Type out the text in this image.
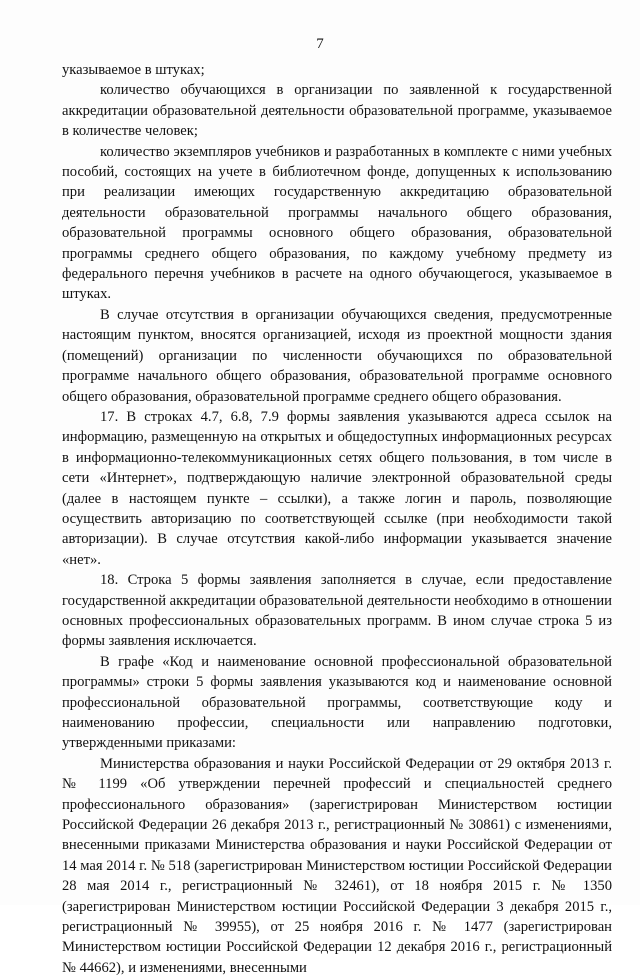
7

указываемое в штуках;

количество обучающихся в организации по заявленной к государственной аккредитации образовательной деятельности образовательной программе, указываемое в количестве человек;

количество экземпляров учебников и разработанных в комплекте с ними учебных пособий, состоящих на учете в библиотечном фонде, допущенных к использованию при реализации имеющих государственную аккредитацию образовательной деятельности образовательной программы начального общего образования, образовательной программы основного общего образования, образовательной программы среднего общего образования, по каждому учебному предмету из федерального перечня учебников в расчете на одного обучающегося, указываемое в штуках.

В случае отсутствия в организации обучающихся сведения, предусмотренные настоящим пунктом, вносятся организацией, исходя из проектной мощности здания (помещений) организации по численности обучающихся по образовательной программе начального общего образования, образовательной программе основного общего образования, образовательной программе среднего общего образования.

17. В строках 4.7, 6.8, 7.9 формы заявления указываются адреса ссылок на информацию, размещенную на открытых и общедоступных информационных ресурсах в информационно-телекоммуникационных сетях общего пользования, в том числе в сети «Интернет», подтверждающую наличие электронной образовательной среды (далее в настоящем пункте – ссылки), а также логин и пароль, позволяющие осуществить авторизацию по соответствующей ссылке (при необходимости такой авторизации). В случае отсутствия какой-либо информации указывается значение «нет».

18. Строка 5 формы заявления заполняется в случае, если предоставление государственной аккредитации образовательной деятельности необходимо в отношении основных профессиональных образовательных программ. В ином случае строка 5 из формы заявления исключается.

В графе «Код и наименование основной профессиональной образовательной программы» строки 5 формы заявления указываются код и наименование основной профессиональной образовательной программы, соответствующие коду и наименованию профессии, специальности или направлению подготовки, утвержденными приказами:

Министерства образования и науки Российской Федерации от 29 октября 2013 г. № 1199 «Об утверждении перечней профессий и специальностей среднего профессионального образования» (зарегистрирован Министерством юстиции Российской Федерации 26 декабря 2013 г., регистрационный № 30861) с изменениями, внесенными приказами Министерства образования и науки Российской Федерации от 14 мая 2014 г. № 518 (зарегистрирован Министерством юстиции Российской Федерации 28 мая 2014 г., регистрационный № 32461), от 18 ноября 2015 г. № 1350 (зарегистрирован Министерством юстиции Российской Федерации 3 декабря 2015 г., регистрационный № 39955), от 25 ноября 2016 г. № 1477 (зарегистрирован Министерством юстиции Российской Федерации 12 декабря 2016 г., регистрационный № 44662), и изменениями, внесенными
